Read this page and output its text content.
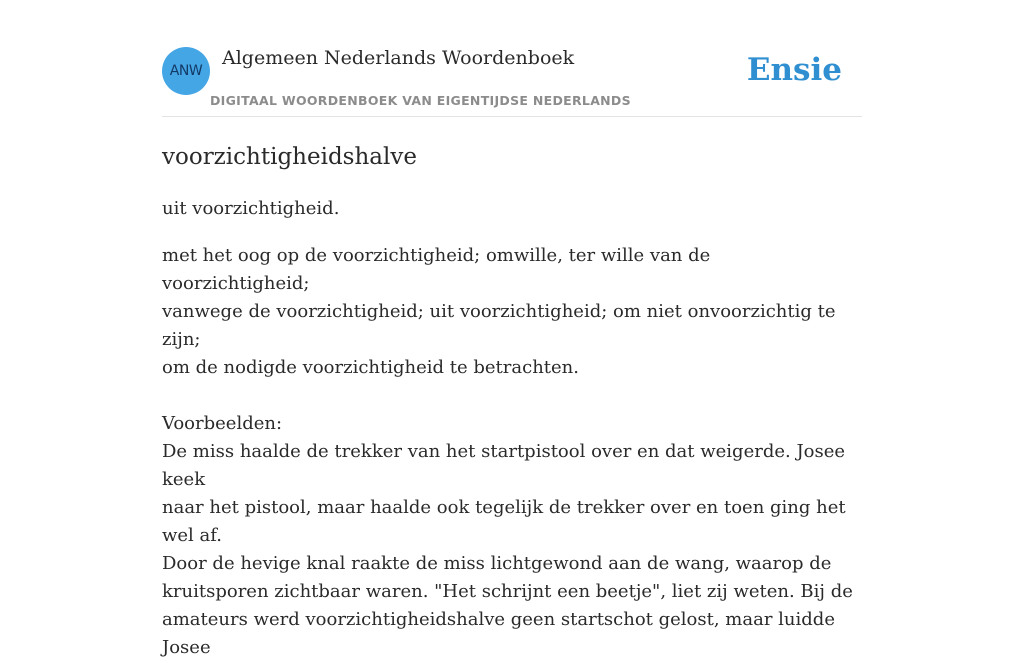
ANW
Algemeen Nederlands Woordenboek
DIGITAAL WOORDENBOEK VAN EIGENTIJDSE NEDERLANDS
Ensie
voorzichtigheidshalve

uit voorzichtigheid.

met het oog op de voorzichtigheid; omwille, ter wille van de voorzichtigheid;
vanwege de voorzichtigheid; uit voorzichtigheid; om niet onvoorzichtig te zijn;
om de nodigde voorzichtigheid te betrachten.

Voorbeelden:

De miss haalde de trekker van het startpistool over en dat weigerde. Josee keek
naar het pistool, maar haalde ook tegelijk de trekker over en toen ging het wel af.
Door de hevige knal raakte de miss lichtgewond aan de wang, waarop de
kruitsporen zichtbaar waren. "Het schrijnt een beetje", liet zij weten. Bij de
amateurs werd voorzichtigheidshalve geen startschot gelost, maar luidde Josee
